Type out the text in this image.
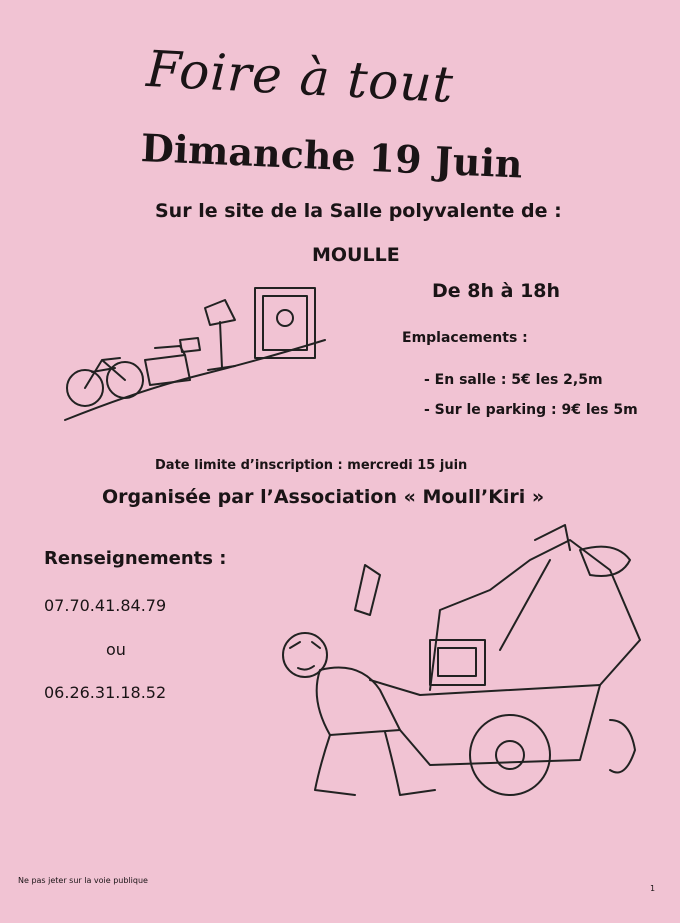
Foire à tout
Dimanche 19 Juin
Sur le site de la Salle polyvalente de :
MOULLE
De 8h à 18h
Emplacements :
- En salle : 5€ les 2,5m
- Sur le parking : 9€ les 5m
Date limite d’inscription : mercredi 15 juin
Organisée par l’Association « Moull’Kiri »
Renseignements :
07.70.41.84.79
ou
06.26.31.18.52
Ne pas jeter sur la voie publique
1
